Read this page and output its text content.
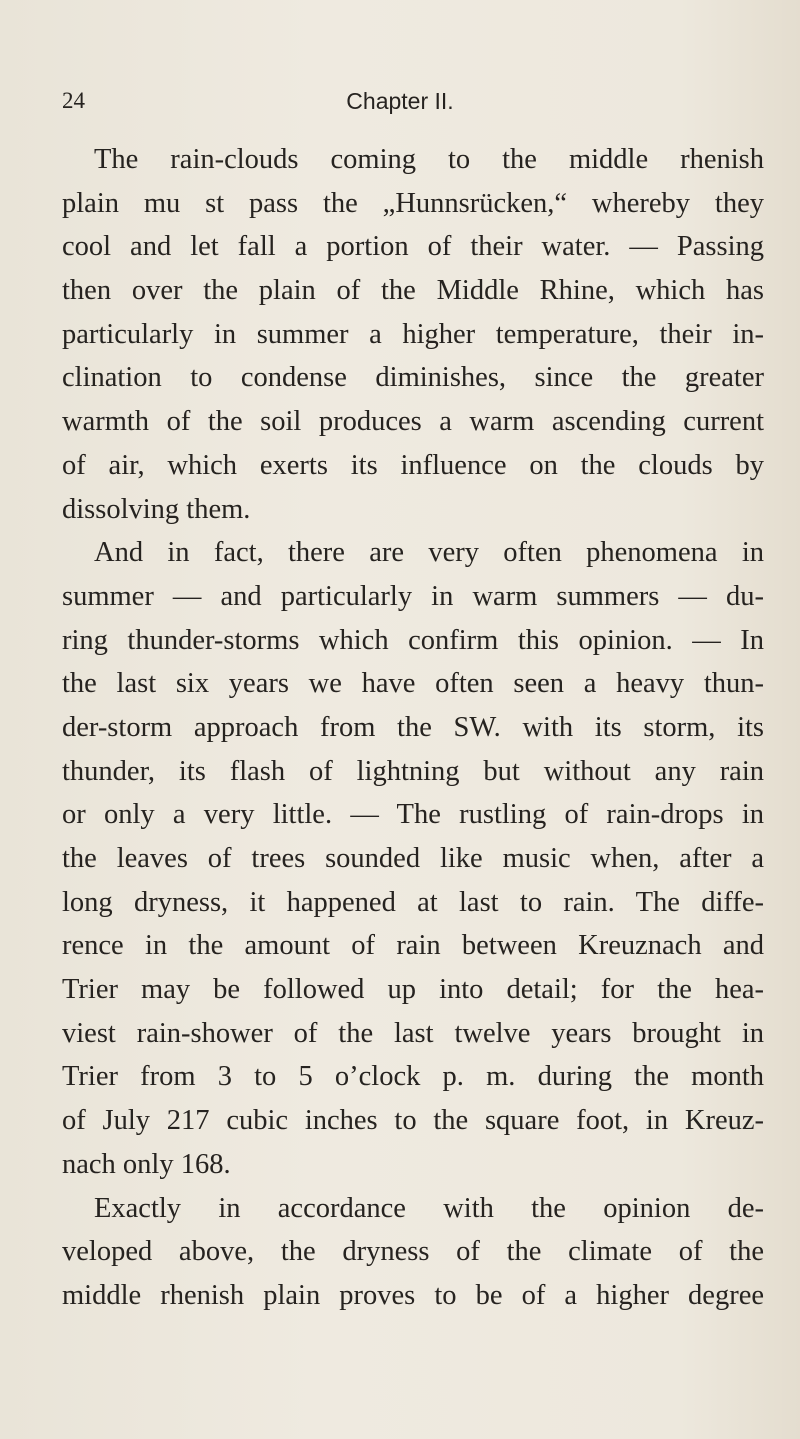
24	Chapter II.
The rain-clouds coming to the middle rhenish
plain mu st pass the „Hunnsrücken,“ whereby they
cool and let fall a portion of their water. — Passing
then over the plain of the Middle Rhine, which has
particularly in summer a higher temperature, their in-
clination to condense diminishes, since the greater
warmth of the soil produces a warm ascending current
of air, which exerts its influence on the clouds by
dissolving them.
And in fact, there are very often phenomena in
summer — and particularly in warm summers — du-
ring thunder-storms which confirm this opinion. — In
the last six years we have often seen a heavy thun-
der-storm approach from the SW. with its storm, its
thunder, its flash of lightning but without any rain
or only a very little. — The rustling of rain-drops in
the leaves of trees sounded like music when, after a
long dryness, it happened at last to rain. The diffe-
rence in the amount of rain between Kreuznach and
Trier may be followed up into detail; for the hea-
viest rain-shower of the last twelve years brought in
Trier from 3 to 5 o’clock p. m. during the month
of July 217 cubic inches to the square foot, in Kreuz-
nach only 168.
Exactly in accordance with the opinion de-
veloped above, the dryness of the climate of the
middle rhenish plain proves to be of a higher degree
